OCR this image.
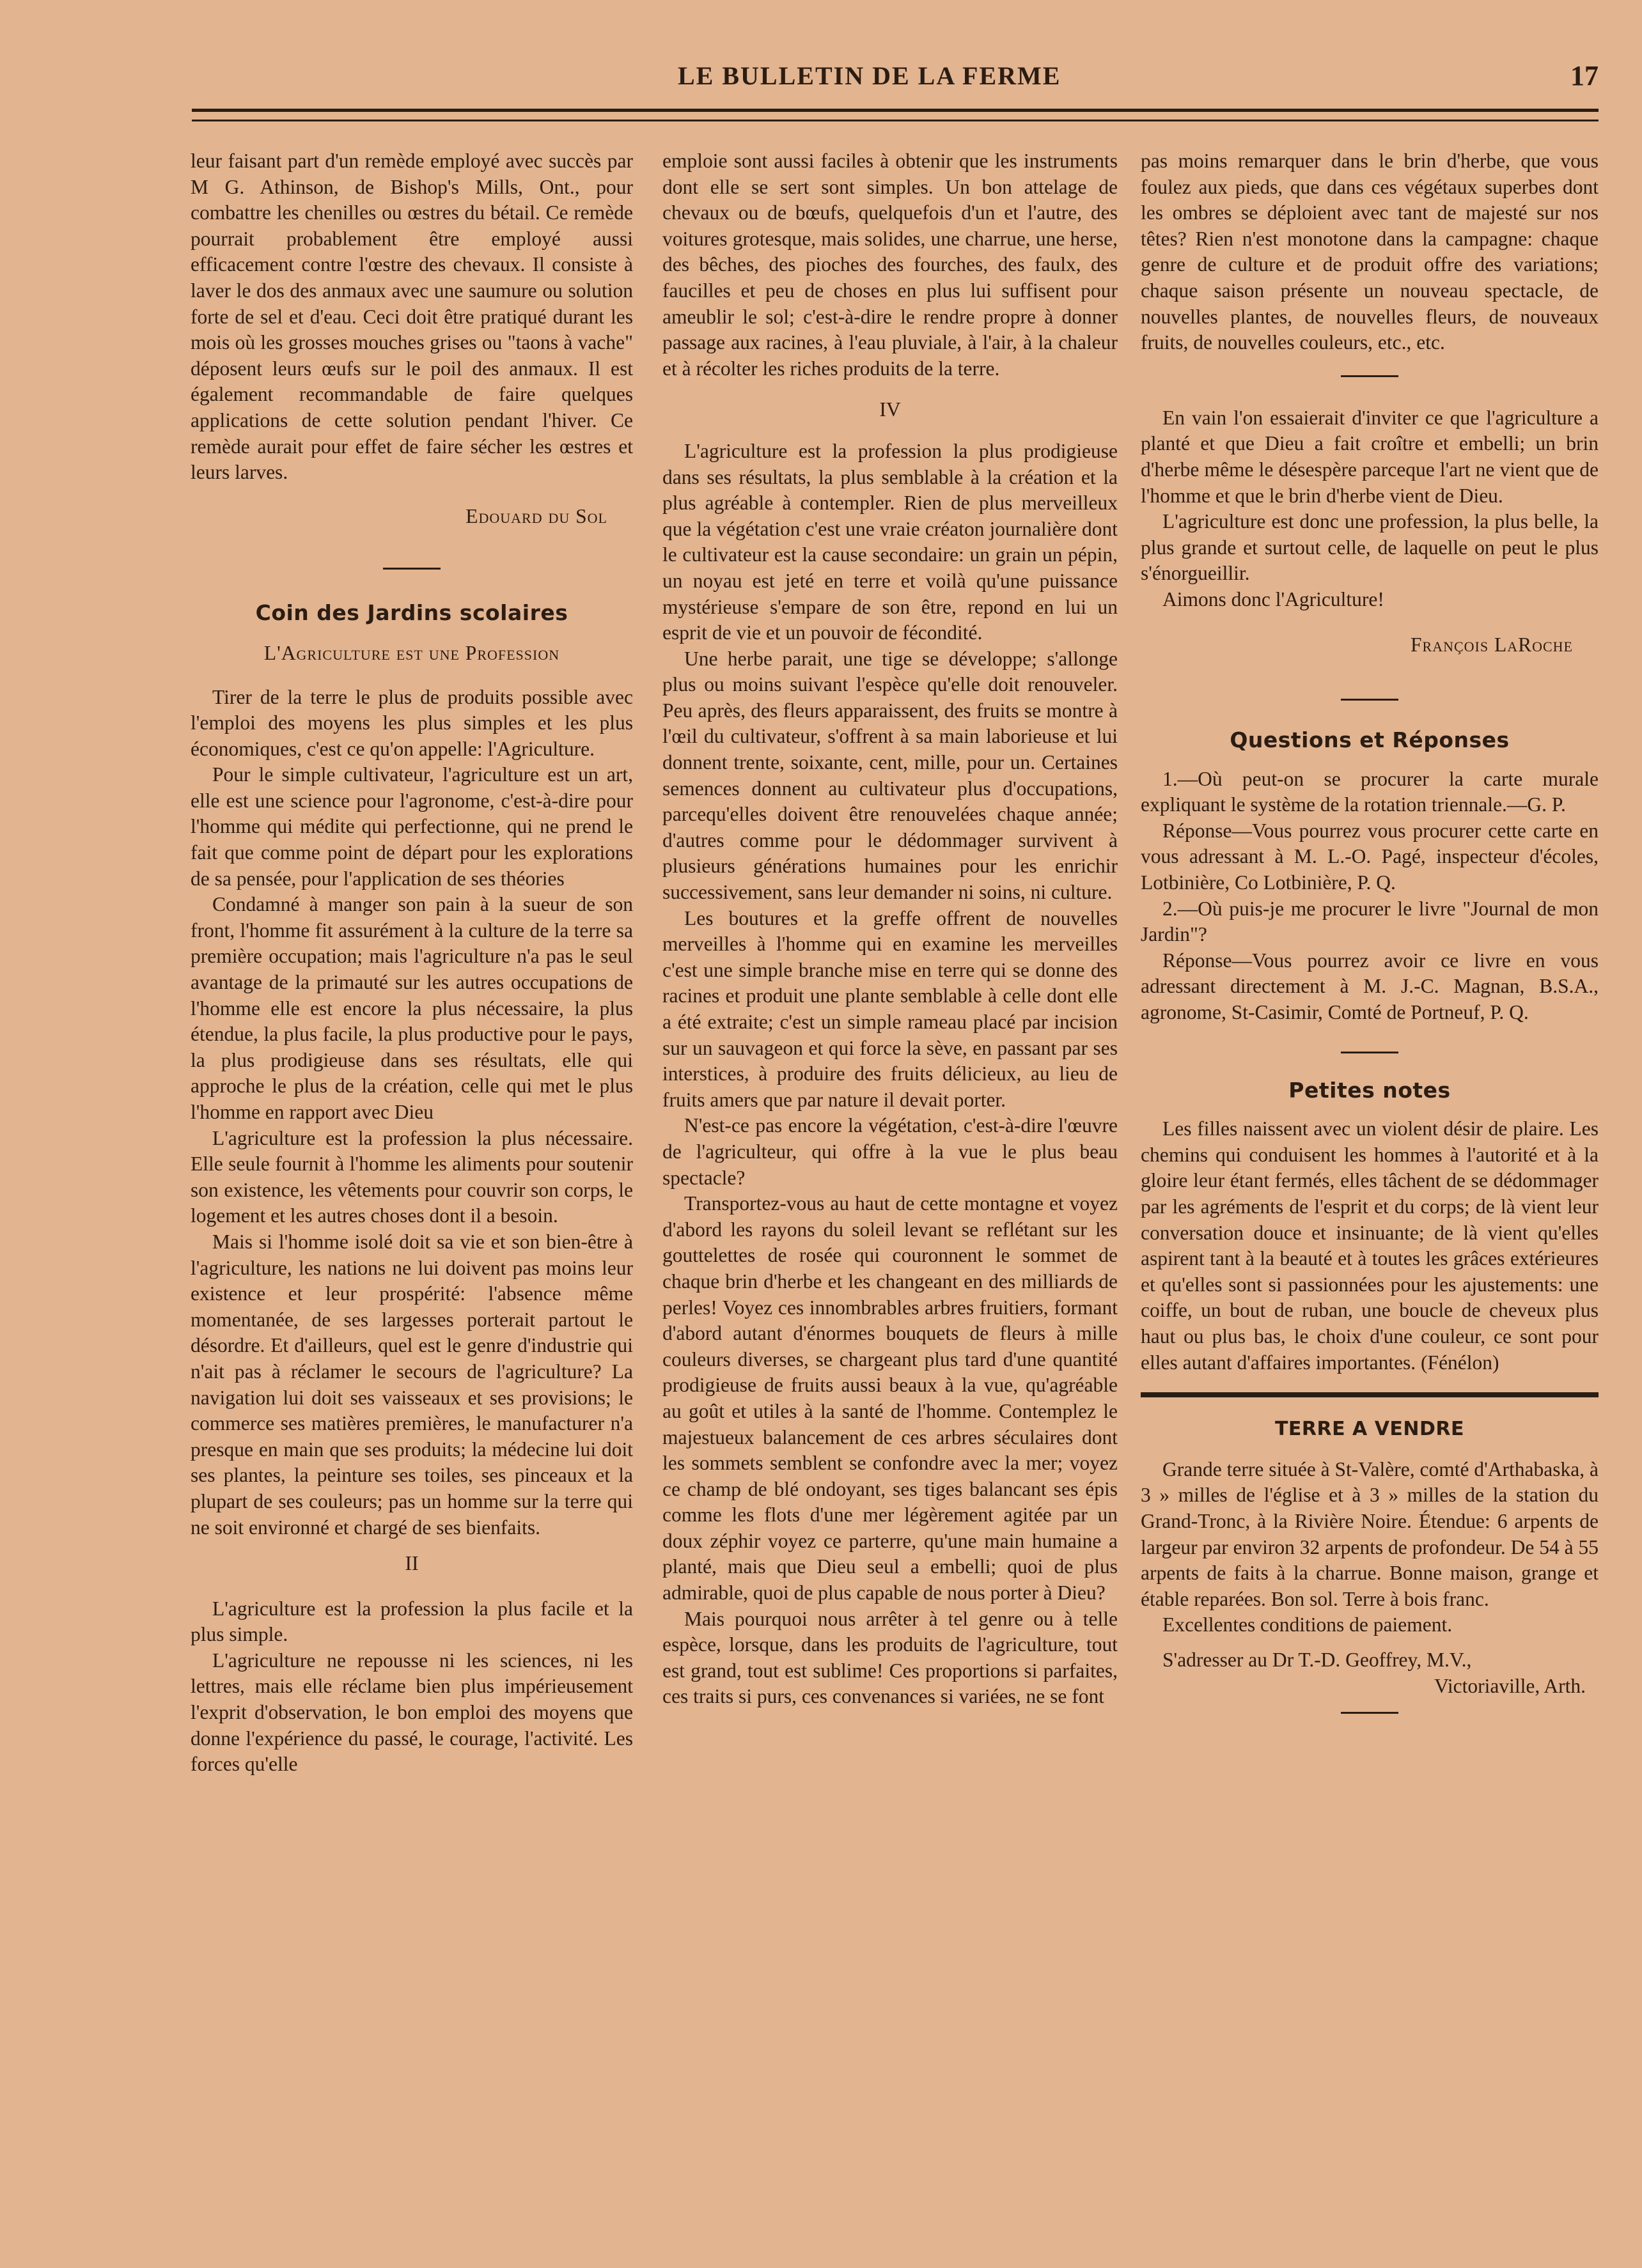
LE BULLETIN DE LA FERME	17

leur faisant part d'un remède employé avec succès par M G. Athinson, de Bishop's Mills, Ont., pour combattre les chenilles ou œstres du bétail. Ce remède pourrait probablement être employé aussi efficacement contre l'œstre des chevaux. Il consiste à laver le dos des anmaux avec une saumure ou solution forte de sel et d'eau. Ceci doit être pratiqué durant les mois où les grosses mouches grises ou "taons à vache" déposent leurs œufs sur le poil des anmaux. Il est également recommandable de faire quelques applications de cette solution pendant l'hiver. Ce remède aurait pour effet de faire sécher les œstres et leurs larves.

Edouard du Sol

Coin des Jardins scolaires

L'Agriculture est une Profession

Tirer de la terre le plus de produits possible avec l'emploi des moyens les plus simples et les plus économiques, c'est ce qu'on appelle: l'Agriculture.

Pour le simple cultivateur, l'agriculture est un art, elle est une science pour l'agronome, c'est-à-dire pour l'homme qui médite qui perfectionne, qui ne prend le fait que comme point de départ pour les explorations de sa pensée, pour l'application de ses théories

Condamné à manger son pain à la sueur de son front, l'homme fit assurément à la culture de la terre sa première occupation; mais l'agriculture n'a pas le seul avantage de la primauté sur les autres occupations de l'homme elle est encore la plus nécessaire, la plus étendue, la plus facile, la plus productive pour le pays, la plus prodigieuse dans ses résultats, elle qui approche le plus de la création, celle qui met le plus l'homme en rapport avec Dieu

L'agriculture est la profession la plus nécessaire. Elle seule fournit à l'homme les aliments pour soutenir son existence, les vêtements pour couvrir son corps, le logement et les autres choses dont il a besoin.

Mais si l'homme isolé doit sa vie et son bien-être à l'agriculture, les nations ne lui doivent pas moins leur existence et leur prospérité: l'absence même momentanée, de ses largesses porterait partout le désordre. Et d'ailleurs, quel est le genre d'industrie qui n'ait pas à réclamer le secours de l'agriculture? La navigation lui doit ses vaisseaux et ses provisions; le commerce ses matières premières, le manufacturer n'a presque en main que ses produits; la médecine lui doit ses plantes, la peinture ses toiles, ses pinceaux et la plupart de ses couleurs; pas un homme sur la terre qui ne soit environné et chargé de ses bienfaits.

II

L'agriculture est la profession la plus facile et la plus simple.

L'agriculture ne repousse ni les sciences, ni les lettres, mais elle réclame bien plus impérieusement l'exprit d'observation, le bon emploi des moyens que donne l'expérience du passé, le courage, l'activité. Les forces qu'elle

emploie sont aussi faciles à obtenir que les instruments dont elle se sert sont simples. Un bon attelage de chevaux ou de bœufs, quelquefois d'un et l'autre, des voitures grotesque, mais solides, une charrue, une herse, des bêches, des pioches des fourches, des faulx, des faucilles et peu de choses en plus lui suffisent pour ameublir le sol; c'est-à-dire le rendre propre à donner passage aux racines, à l'eau pluviale, à l'air, à la chaleur et à récolter les riches produits de la terre.

IV

L'agriculture est la profession la plus prodigieuse dans ses résultats, la plus semblable à la création et la plus agréable à contempler. Rien de plus merveilleux que la végétation c'est une vraie créaton journalière dont le cultivateur est la cause secondaire: un grain un pépin, un noyau est jeté en terre et voilà qu'une puissance mystérieuse s'empare de son être, repond en lui un esprit de vie et un pouvoir de fécondité.

Une herbe parait, une tige se développe; s'allonge plus ou moins suivant l'espèce qu'elle doit renouveler. Peu après, des fleurs apparaissent, des fruits se montre à l'œil du cultivateur, s'offrent à sa main laborieuse et lui donnent trente, soixante, cent, mille, pour un. Certaines semences donnent au cultivateur plus d'occupations, parcequ'elles doivent être renouvelées chaque année; d'autres comme pour le dédommager survivent à plusieurs générations humaines pour les enrichir successivement, sans leur demander ni soins, ni culture.

Les boutures et la greffe offrent de nouvelles merveilles à l'homme qui en examine les merveilles c'est une simple branche mise en terre qui se donne des racines et produit une plante semblable à celle dont elle a été extraite; c'est un simple rameau placé par incision sur un sauvageon et qui force la sève, en passant par ses interstices, à produire des fruits délicieux, au lieu de fruits amers que par nature il devait porter.

N'est-ce pas encore la végétation, c'est-à-dire l'œuvre de l'agriculteur, qui offre à la vue le plus beau spectacle?

Transportez-vous au haut de cette montagne et voyez d'abord les rayons du soleil levant se reflétant sur les gouttelettes de rosée qui couronnent le sommet de chaque brin d'herbe et les changeant en des milliards de perles! Voyez ces innombrables arbres fruitiers, formant d'abord autant d'énormes bouquets de fleurs à mille couleurs diverses, se chargeant plus tard d'une quantité prodigieuse de fruits aussi beaux à la vue, qu'agréable au goût et utiles à la santé de l'homme. Contemplez le majestueux balancement de ces arbres séculaires dont les sommets semblent se confondre avec la mer; voyez ce champ de blé ondoyant, ses tiges balancant ses épis comme les flots d'une mer légèrement agitée par un doux zéphir voyez ce parterre, qu'une main humaine a planté, mais que Dieu seul a embelli; quoi de plus admirable, quoi de plus capable de nous porter à Dieu?

Mais pourquoi nous arrêter à tel genre ou à telle espèce, lorsque, dans les produits de l'agriculture, tout est grand, tout est sublime! Ces proportions si parfaites, ces traits si purs, ces convenances si variées, ne se font

pas moins remarquer dans le brin d'herbe, que vous foulez aux pieds, que dans ces végétaux superbes dont les ombres se déploient avec tant de majesté sur nos têtes? Rien n'est monotone dans la campagne: chaque genre de culture et de produit offre des variations; chaque saison présente un nouveau spectacle, de nouvelles plantes, de nouvelles fleurs, de nouveaux fruits, de nouvelles couleurs, etc., etc.

En vain l'on essaierait d'inviter ce que l'agriculture a planté et que Dieu a fait croître et embelli; un brin d'herbe même le désespère parceque l'art ne vient que de l'homme et que le brin d'herbe vient de Dieu.

L'agriculture est donc une profession, la plus belle, la plus grande et surtout celle, de laquelle on peut le plus s'énorgueillir.

Aimons donc l'Agriculture!

François LaRoche

Questions et Réponses

1.—Où peut-on se procurer la carte murale expliquant le système de la rotation triennale.—G. P.

Réponse—Vous pourrez vous procurer cette carte en vous adressant à M. L.-O. Pagé, inspecteur d'écoles, Lotbinière, Co Lotbinière, P. Q.

2.—Où puis-je me procurer le livre "Journal de mon Jardin"?

Réponse—Vous pourrez avoir ce livre en vous adressant directement à M. J.-C. Magnan, B.S.A., agronome, St-Casimir, Comté de Portneuf, P. Q.

Petites notes

Les filles naissent avec un violent désir de plaire. Les chemins qui conduisent les hommes à l'autorité et à la gloire leur étant fermés, elles tâchent de se dédommager par les agréments de l'esprit et du corps; de là vient leur conversation douce et insinuante; de là vient qu'elles aspirent tant à la beauté et à toutes les grâces extérieures et qu'elles sont si passionnées pour les ajustements: une coiffe, un bout de ruban, une boucle de cheveux plus haut ou plus bas, le choix d'une couleur, ce sont pour elles autant d'affaires importantes. (Fénélon)

TERRE A VENDRE

Grande terre située à St-Valère, comté d'Arthabaska, à 3 » milles de l'église et à 3 » milles de la station du Grand-Tronc, à la Rivière Noire. Étendue: 6 arpents de largeur par environ 32 arpents de profondeur. De 54 à 55 arpents de faits à la charrue. Bonne maison, grange et étable reparées. Bon sol. Terre à bois franc.

Excellentes conditions de paiement.

S'adresser au Dr T.-D. Geoffrey, M.V.,

Victoriaville, Arth.
